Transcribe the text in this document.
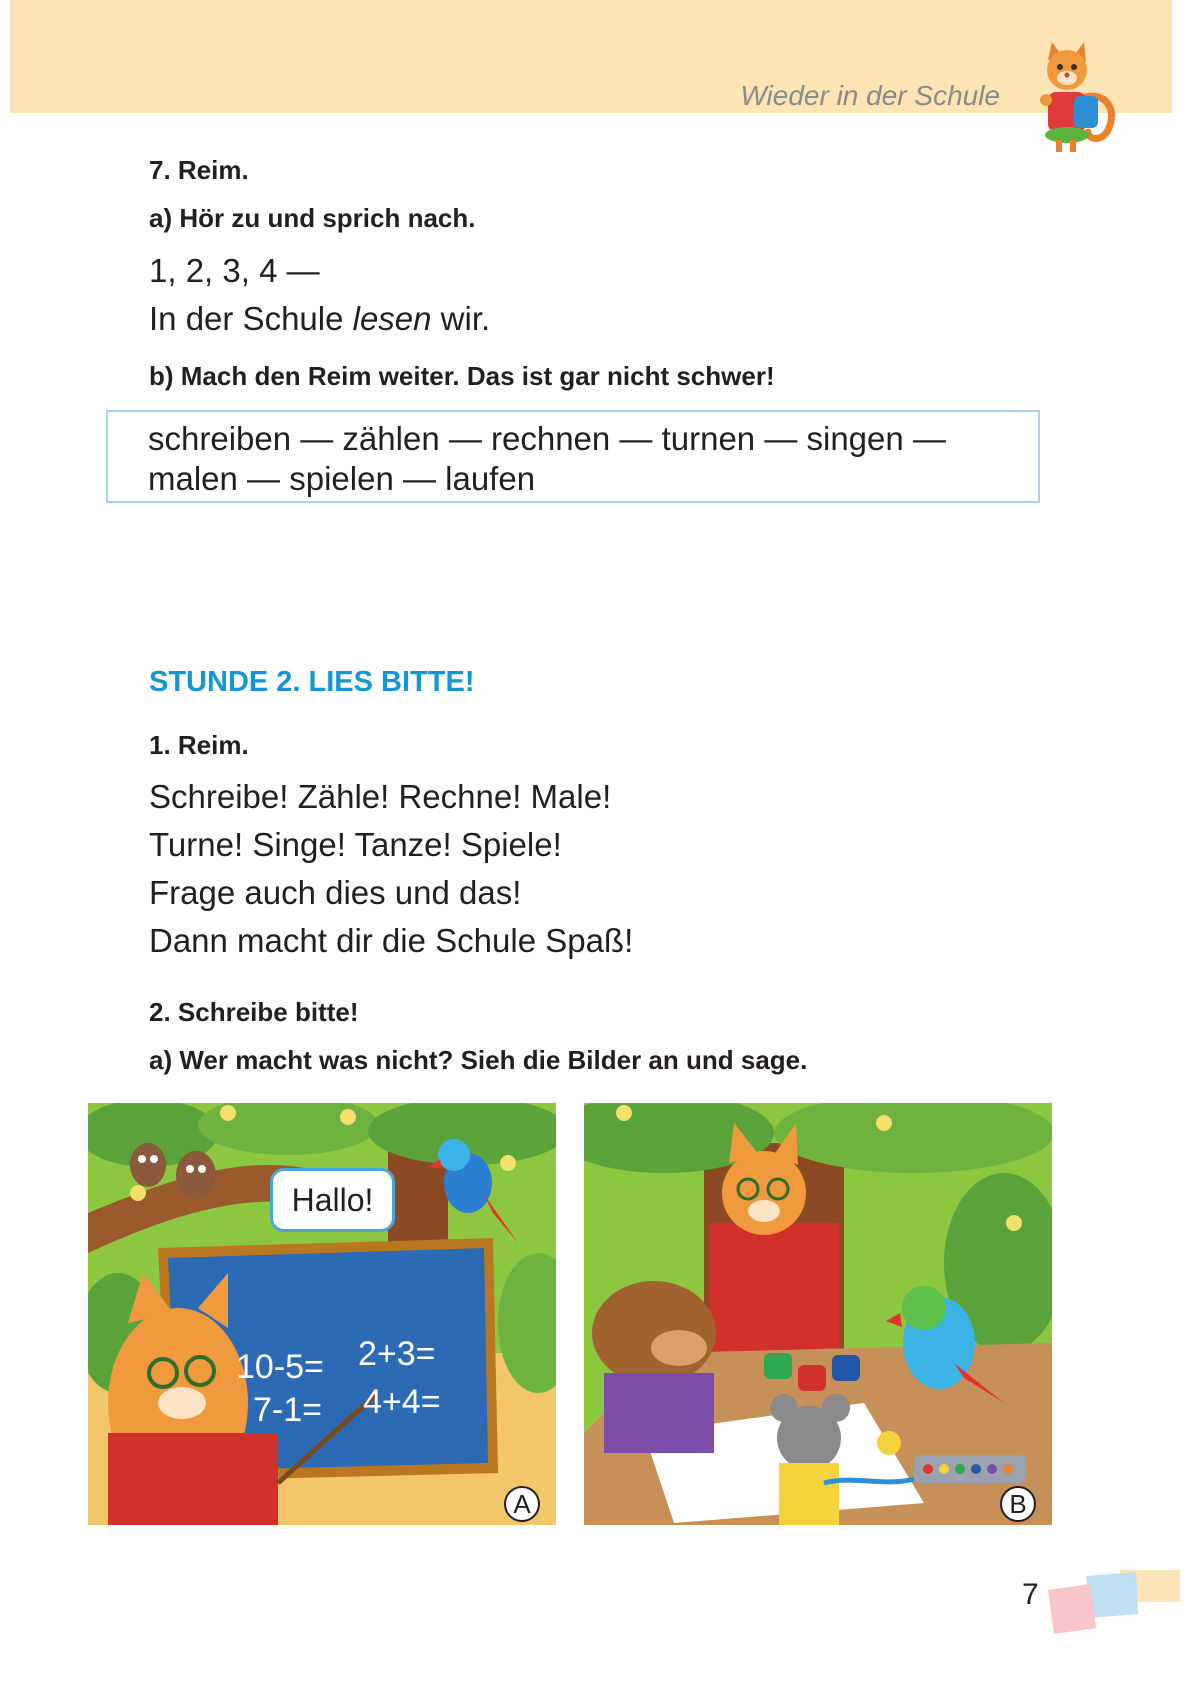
Wieder in der Schule
7. Reim.
a) Hör zu und sprich nach.
1, 2, 3, 4 —
In der Schule lesen wir.
b) Mach den Reim weiter. Das ist gar nicht schwer!
schreiben — zählen — rechnen — turnen — singen —
malen — spielen — laufen
STUNDE 2. LIES BITTE!
1. Reim.
Schreibe! Zähle! Rechne! Male!
Turne! Singe! Tanze! Spiele!
Frage auch dies und das!
Dann macht dir die Schule Spaß!
2. Schreibe bitte!
a) Wer macht was nicht? Sieh die Bilder an und sage.
10-5= 2+3=
7-1= 4+4=
A
Hallo!
B
7
